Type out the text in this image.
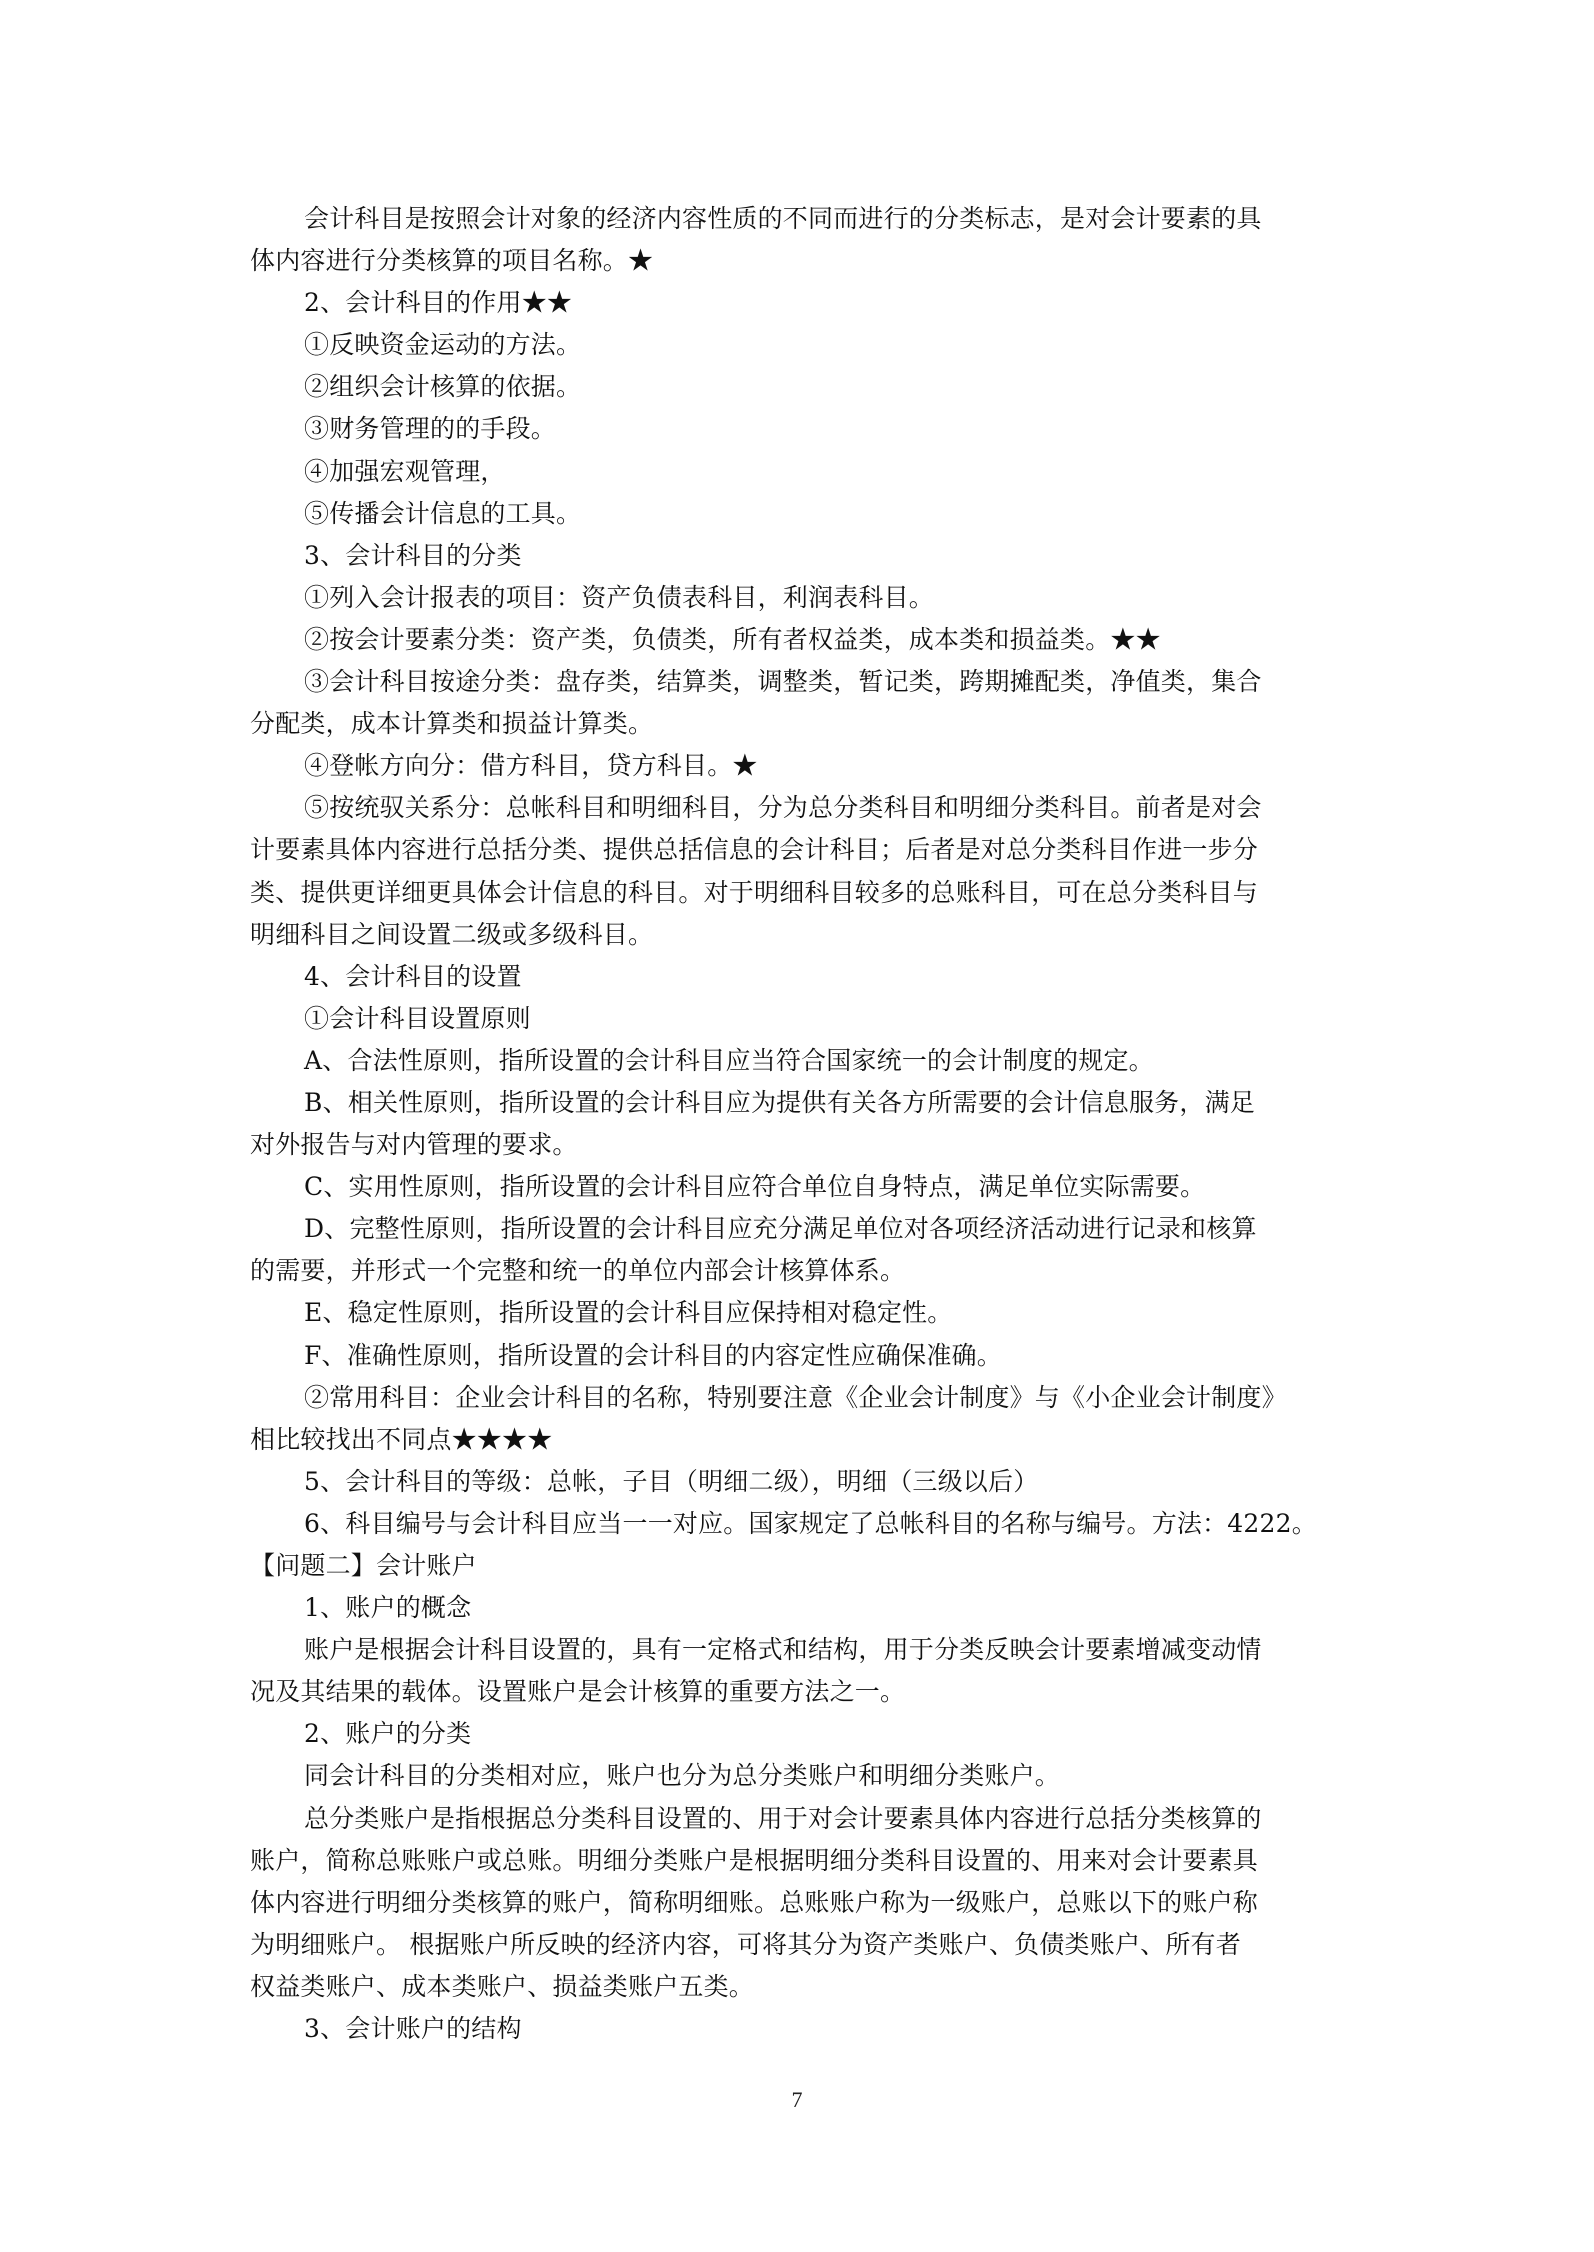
会计科目是按照会计对象的经济内容性质的不同而进行的分类标志，是对会计要素的具
体内容进行分类核算的项目名称。★
2、会计科目的作用★★
①反映资金运动的方法。
②组织会计核算的依据。
③财务管理的的手段。
④加强宏观管理，
⑤传播会计信息的工具。
3、会计科目的分类
①列入会计报表的项目：资产负债表科目，利润表科目。
②按会计要素分类：资产类，负债类，所有者权益类，成本类和损益类。★★
③会计科目按途分类：盘存类，结算类，调整类，暂记类，跨期摊配类，净值类，集合
分配类，成本计算类和损益计算类。
④登帐方向分：借方科目，贷方科目。★
⑤按统驭关系分：总帐科目和明细科目，分为总分类科目和明细分类科目。前者是对会
计要素具体内容进行总括分类、提供总括信息的会计科目；后者是对总分类科目作进一步分
类、提供更详细更具体会计信息的科目。对于明细科目较多的总账科目，可在总分类科目与
明细科目之间设置二级或多级科目。
4、会计科目的设置
①会计科目设置原则
A、合法性原则，指所设置的会计科目应当符合国家统一的会计制度的规定。
B、相关性原则，指所设置的会计科目应为提供有关各方所需要的会计信息服务，满足
对外报告与对内管理的要求。
C、实用性原则，指所设置的会计科目应符合单位自身特点，满足单位实际需要。
D、完整性原则，指所设置的会计科目应充分满足单位对各项经济活动进行记录和核算
的需要，并形式一个完整和统一的单位内部会计核算体系。
E、稳定性原则，指所设置的会计科目应保持相对稳定性。
F、准确性原则，指所设置的会计科目的内容定性应确保准确。
②常用科目：企业会计科目的名称，特别要注意《企业会计制度》与《小企业会计制度》
相比较找出不同点★★★★
5、会计科目的等级：总帐，子目（明细二级），明细（三级以后）
6、科目编号与会计科目应当一一对应。国家规定了总帐科目的名称与编号。方法：4222。
【问题二】会计账户
1、账户的概念
账户是根据会计科目设置的，具有一定格式和结构，用于分类反映会计要素增减变动情
况及其结果的载体。设置账户是会计核算的重要方法之一。
2、账户的分类
同会计科目的分类相对应，账户也分为总分类账户和明细分类账户。
总分类账户是指根据总分类科目设置的、用于对会计要素具体内容进行总括分类核算的
账户，简称总账账户或总账。明细分类账户是根据明细分类科目设置的、用来对会计要素具
体内容进行明细分类核算的账户，简称明细账。总账账户称为一级账户，总账以下的账户称
为明细账户。 根据账户所反映的经济内容，可将其分为资产类账户、负债类账户、所有者
权益类账户、成本类账户、损益类账户五类。
3、会计账户的结构
7
